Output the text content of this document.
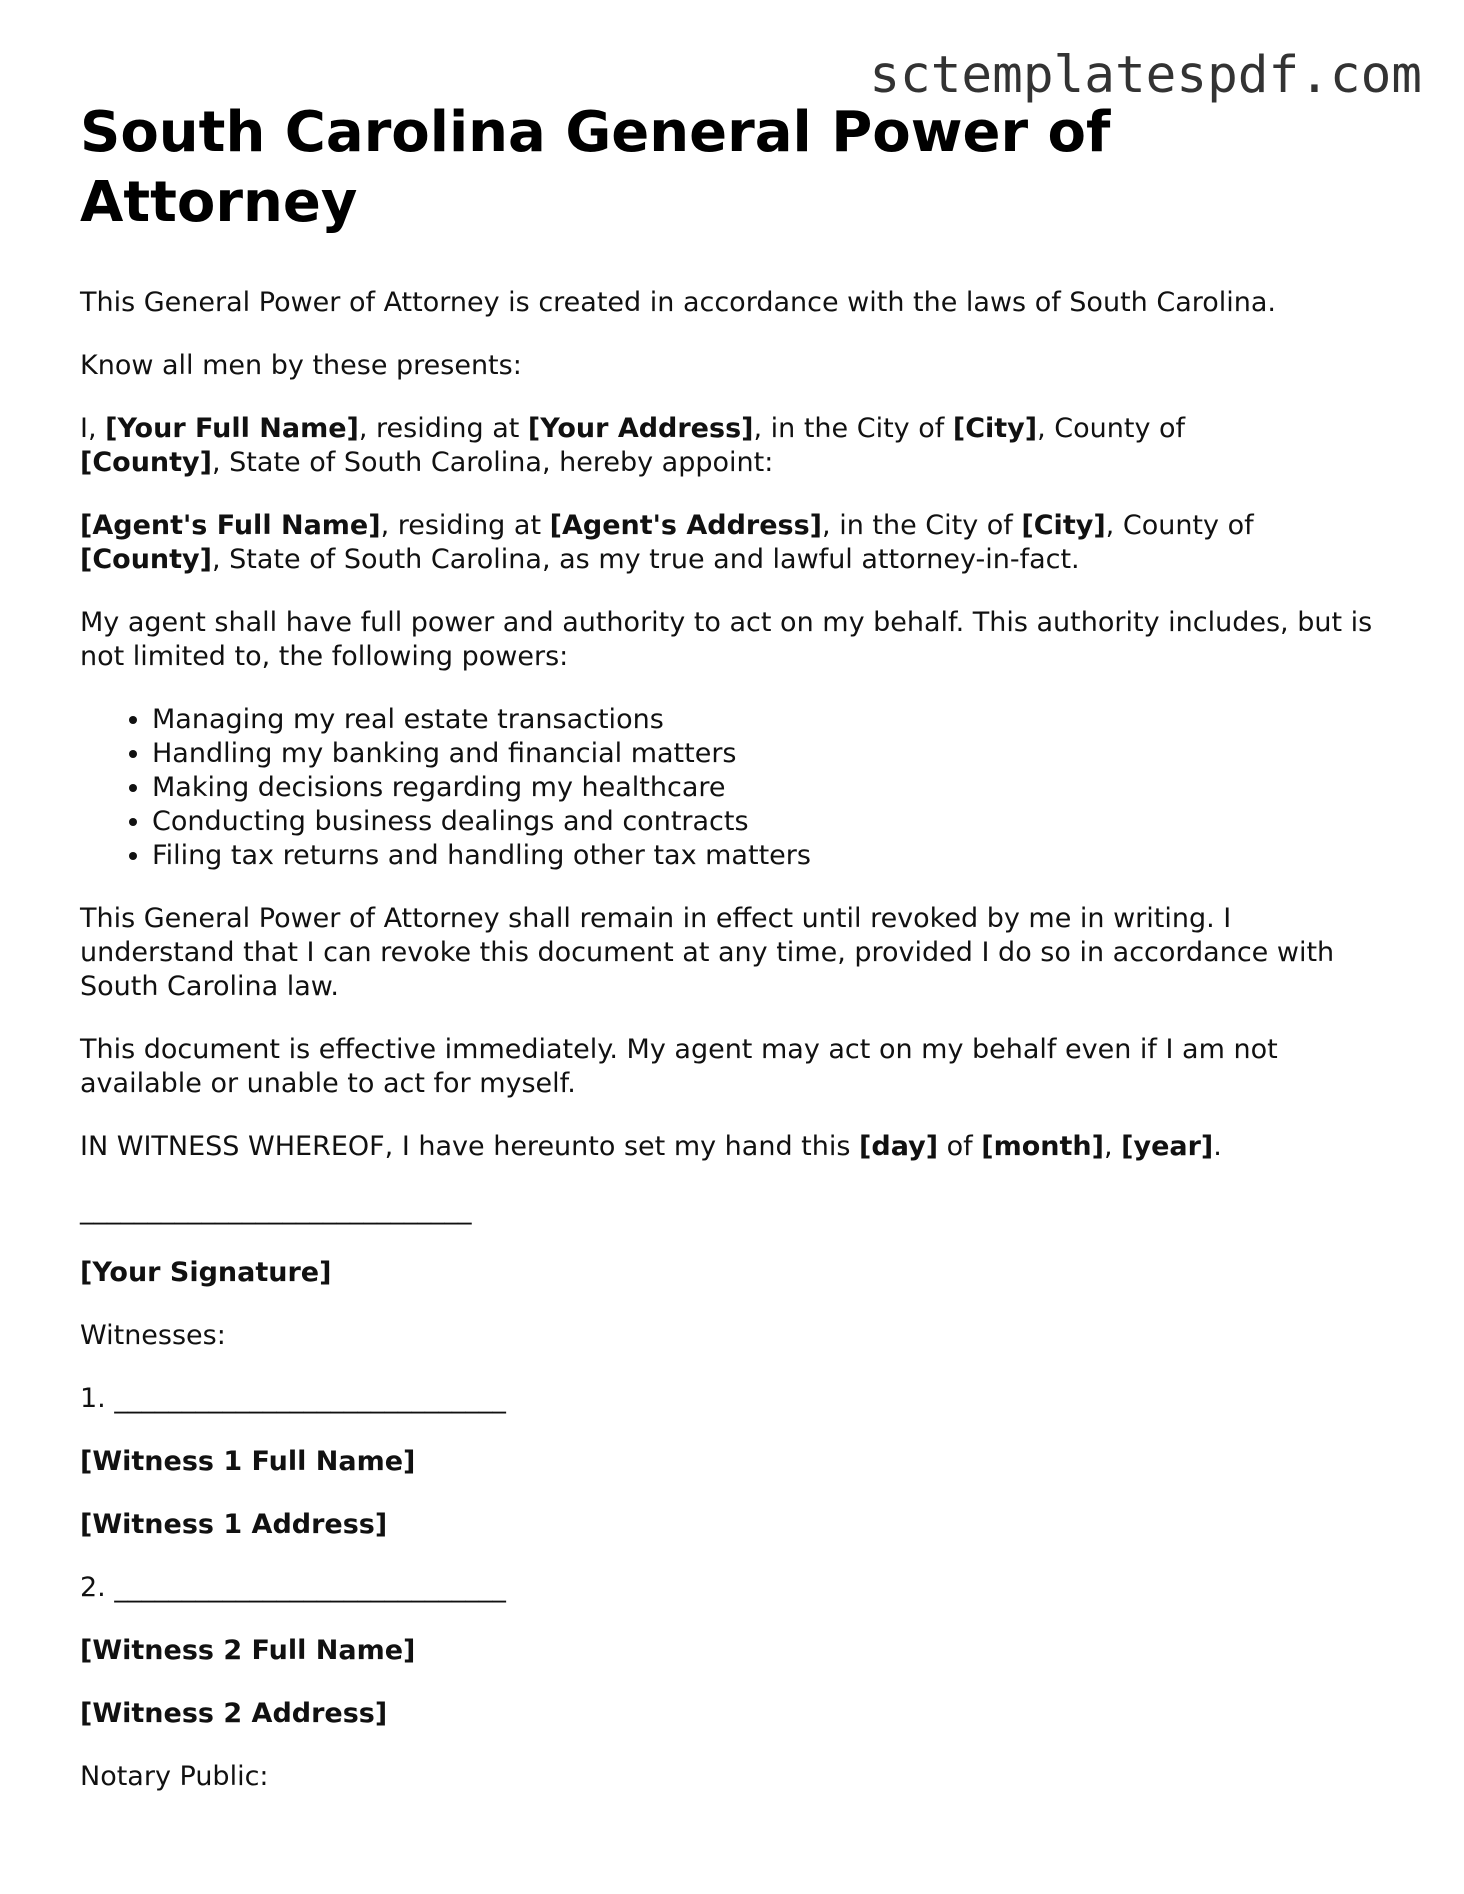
sctemplatespdf.com
South Carolina General Power of Attorney

This General Power of Attorney is created in accordance with the laws of South Carolina.

Know all men by these presents:

I, [Your Full Name], residing at [Your Address], in the City of [City], County of
[County], State of South Carolina, hereby appoint:

[Agent's Full Name], residing at [Agent's Address], in the City of [City], County of
[County], State of South Carolina, as my true and lawful attorney-in-fact.

My agent shall have full power and authority to act on my behalf. This authority includes, but is not limited to, the following powers:

• Managing my real estate transactions
• Handling my banking and financial matters
• Making decisions regarding my healthcare
• Conducting business dealings and contracts
• Filing tax returns and handling other tax matters

This General Power of Attorney shall remain in effect until revoked by me in writing. I understand that I can revoke this document at any time, provided I do so in accordance with South Carolina law.

This document is effective immediately. My agent may act on my behalf even if I am not available or unable to act for myself.

IN WITNESS WHEREOF, I have hereunto set my hand this [day] of [month], [year].

_____________________________

[Your Signature]

Witnesses:

1. _____________________________

[Witness 1 Full Name]

[Witness 1 Address]

2. _____________________________

[Witness 2 Full Name]

[Witness 2 Address]

Notary Public:
